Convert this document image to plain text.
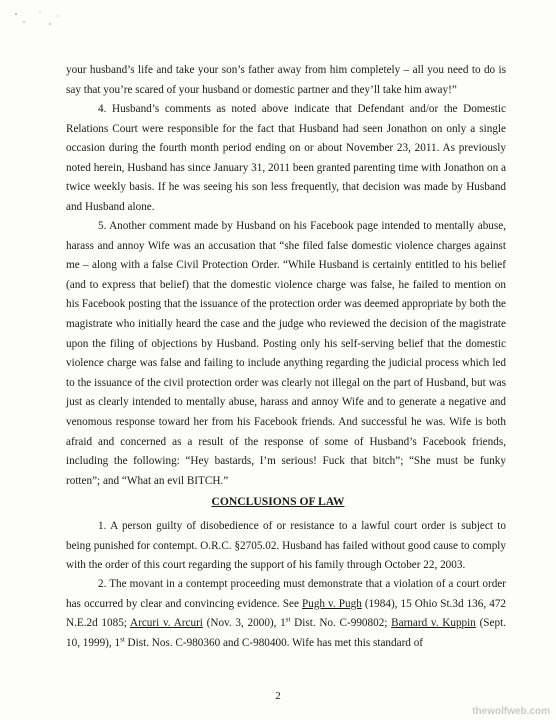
your husband’s life and take your son’s father away from him completely – all you need to do is say that you’re scared of your husband or domestic partner and they’ll take him away!”

4. Husband’s comments as noted above indicate that Defendant and/or the Domestic Relations Court were responsible for the fact that Husband had seen Jonathon on only a single occasion during the fourth month period ending on or about November 23, 2011. As previously noted herein, Husband has since January 31, 2011 been granted parenting time with Jonathon on a twice weekly basis. If he was seeing his son less frequently, that decision was made by Husband and Husband alone.

5. Another comment made by Husband on his Facebook page intended to mentally abuse, harass and annoy Wife was an accusation that “she filed false domestic violence charges against me – along with a false Civil Protection Order. “While Husband is certainly entitled to his belief (and to express that belief) that the domestic violence charge was false, he failed to mention on his Facebook posting that the issuance of the protection order was deemed appropriate by both the magistrate who initially heard the case and the judge who reviewed the decision of the magistrate upon the filing of objections by Husband. Posting only his self-serving belief that the domestic violence charge was false and failing to include anything regarding the judicial process which led to the issuance of the civil protection order was clearly not illegal on the part of Husband, but was just as clearly intended to mentally abuse, harass and annoy Wife and to generate a negative and venomous response toward her from his Facebook friends. And successful he was. Wife is both afraid and concerned as a result of the response of some of Husband’s Facebook friends, including the following: “Hey bastards, I’m serious! Fuck that bitch”; “She must be funky rotten”; and “What an evil BITCH.”

CONCLUSIONS OF LAW

1. A person guilty of disobedience of or resistance to a lawful court order is subject to being punished for contempt. O.R.C. §2705.02. Husband has failed without good cause to comply with the order of this court regarding the support of his family through October 22, 2003.

2. The movant in a contempt proceeding must demonstrate that a violation of a court order has occurred by clear and convincing evidence. See Pugh v. Pugh (1984), 15 Ohio St.3d 136, 472 N.E.2d 1085; Arcuri v. Arcuri (Nov. 3, 2000), 1st Dist. No. C-990802; Barnard v. Kuppin (Sept. 10, 1999), 1st Dist. Nos. C-980360 and C-980400. Wife has met this standard of

2
thewolfweb.com
